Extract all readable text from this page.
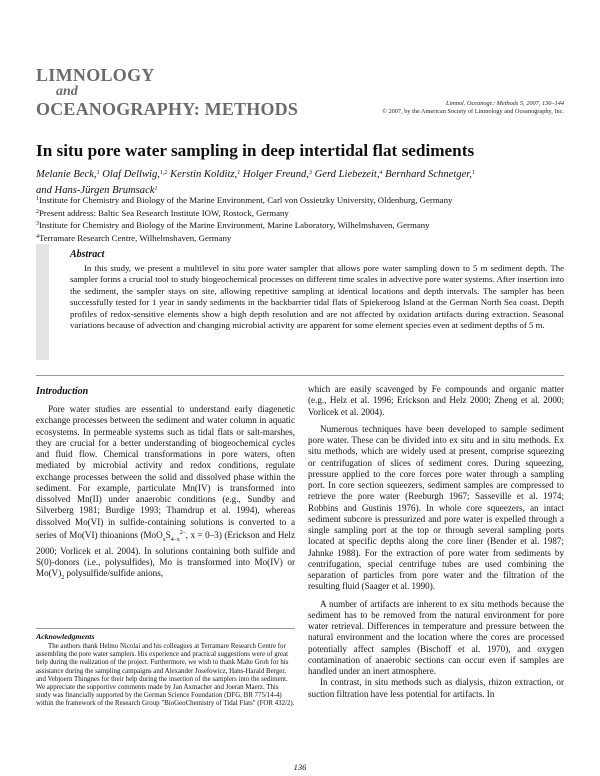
LIMNOLOGY
and
OCEANOGRAPHY: METHODS	Limnol. Oceanogr.: Methods 5, 2007, 136–144
© 2007, by the American Society of Limnology and Oceanography, Inc.
In situ pore water sampling in deep intertidal flat sediments
Melanie Beck,$^1$ Olaf Dellwig,$^{1,2}$ Kerstin Kolditz,$^1$ Holger Freund,$^3$ Gerd Liebezeit,$^4$ Bernhard Schnetger,$^1$
and Hans-Jürgen Brumsack$^1$
$^1$Institute for Chemistry and Biology of the Marine Environment, Carl von Ossietzky University, Oldenburg, Germany
$^2$Present address: Baltic Sea Research Institute IOW, Rostock, Germany
$^3$Institute for Chemistry and Biology of the Marine Environment, Marine Laboratory, Wilhelmshaven, Germany
$^4$Terramare Research Centre, Wilhelmshaven, Germany
Abstract
In this study, we present a multilevel in situ pore water sampler that allows pore water sampling down to 5 m sediment depth. The sampler forms a crucial tool to study biogeochemical processes on different time scales in advective pore water systems. After insertion into the sediment, the sampler stays on site, allowing repetitive sampling at identical locations and depth intervals. The sampler has been successfully tested for 1 year in sandy sediments in the backbarrier tidal flats of Spiekeroog Island at the German North Sea coast. Depth profiles of redox-sensitive elements show a high depth resolution and are not affected by oxidation artifacts during extraction. Seasonal variations because of advection and changing microbial activity are apparent for some element species even at sediment depths of 5 m.
Introduction

Pore water studies are essential to understand early diagenetic exchange processes between the sediment and water column in aquatic ecosystems. In permeable systems such as tidal flats or salt-marshes, they are crucial for a better understanding of biogeochemical cycles and fluid flow. Chemical transformations in pore waters, often mediated by microbial activity and redox conditions, regulate exchange processes between the solid and dissolved phase within the sediment. For example, particulate Mn(IV) is transformed into dissolved Mn(II) under anaerobic conditions (e.g., Sundby and Silverberg 1981; Burdige 1993; Thamdrup et al. 1994), whereas dissolved Mo(VI) in sulfide-containing solutions is converted to a series of Mo(VI) thioanions ($MoO_xS_{4-x}^{2-}$, x = 0–3) (Erickson and Helz 2000; Vorlicek et al. 2004). In solutions containing both sulfide and S(0)-donors (i.e., polysulfides), Mo is transformed into Mo(IV) or $Mo(V)_2$ polysulfide/sulfide anions,

Acknowledgments
The authors thank Helmo Nicolai and his colleagues at Terramare Research Centre for assembling the pore water samplers. His experience and practical suggestions were of great help during the realization of the project. Furthermore, we wish to thank Malte Groh for his assistance during the sampling campaigns and Alexander Josefowicz, Hans-Harald Berger, and Vebjoern Thingnes for their help during the insertion of the samplers into the sediment. We appreciate the supportive comments made by Jan Axmacher and Joeran Maerz. This study was financially supported by the German Science Foundation (DFG, BR 775/14-4) within the framework of the Research Group "BioGeoChemistry of Tidal Flats" (FOR 432/2).

which are easily scavenged by Fe compounds and organic matter (e.g., Helz et al. 1996; Erickson and Helz 2000; Zheng et al. 2000; Vorlicek et al. 2004).

Numerous techniques have been developed to sample sediment pore water. These can be divided into ex situ and in situ methods. Ex situ methods, which are widely used at present, comprise squeezing or centrifugation of slices of sediment cores. During squeezing, pressure applied to the core forces pore water through a sampling port. In core section squeezers, sediment samples are compressed to retrieve the pore water (Reeburgh 1967; Sasseville et al. 1974; Robbins and Gustinis 1976). In whole core squeezers, an intact sediment subcore is pressurized and pore water is expelled through a single sampling port at the top or through several sampling ports located at specific depths along the core liner (Bender et al. 1987; Jahnke 1988). For the extraction of pore water from sediments by centrifugation, special centrifuge tubes are used combining the separation of particles from pore water and the filtration of the resulting fluid (Saager et al. 1990).

A number of artifacts are inherent to ex situ methods because the sediment has to be removed from the natural environment for pore water retrieval. Differences in temperature and pressure between the natural environment and the location where the cores are processed potentially affect samples (Bischoff et al. 1970), and oxygen contamination of anaerobic sections can occur even if samples are handled under an inert atmosphere.

In contrast, in situ methods such as dialysis, rhizon extraction, or suction filtration have less potential for artifacts. In

136
